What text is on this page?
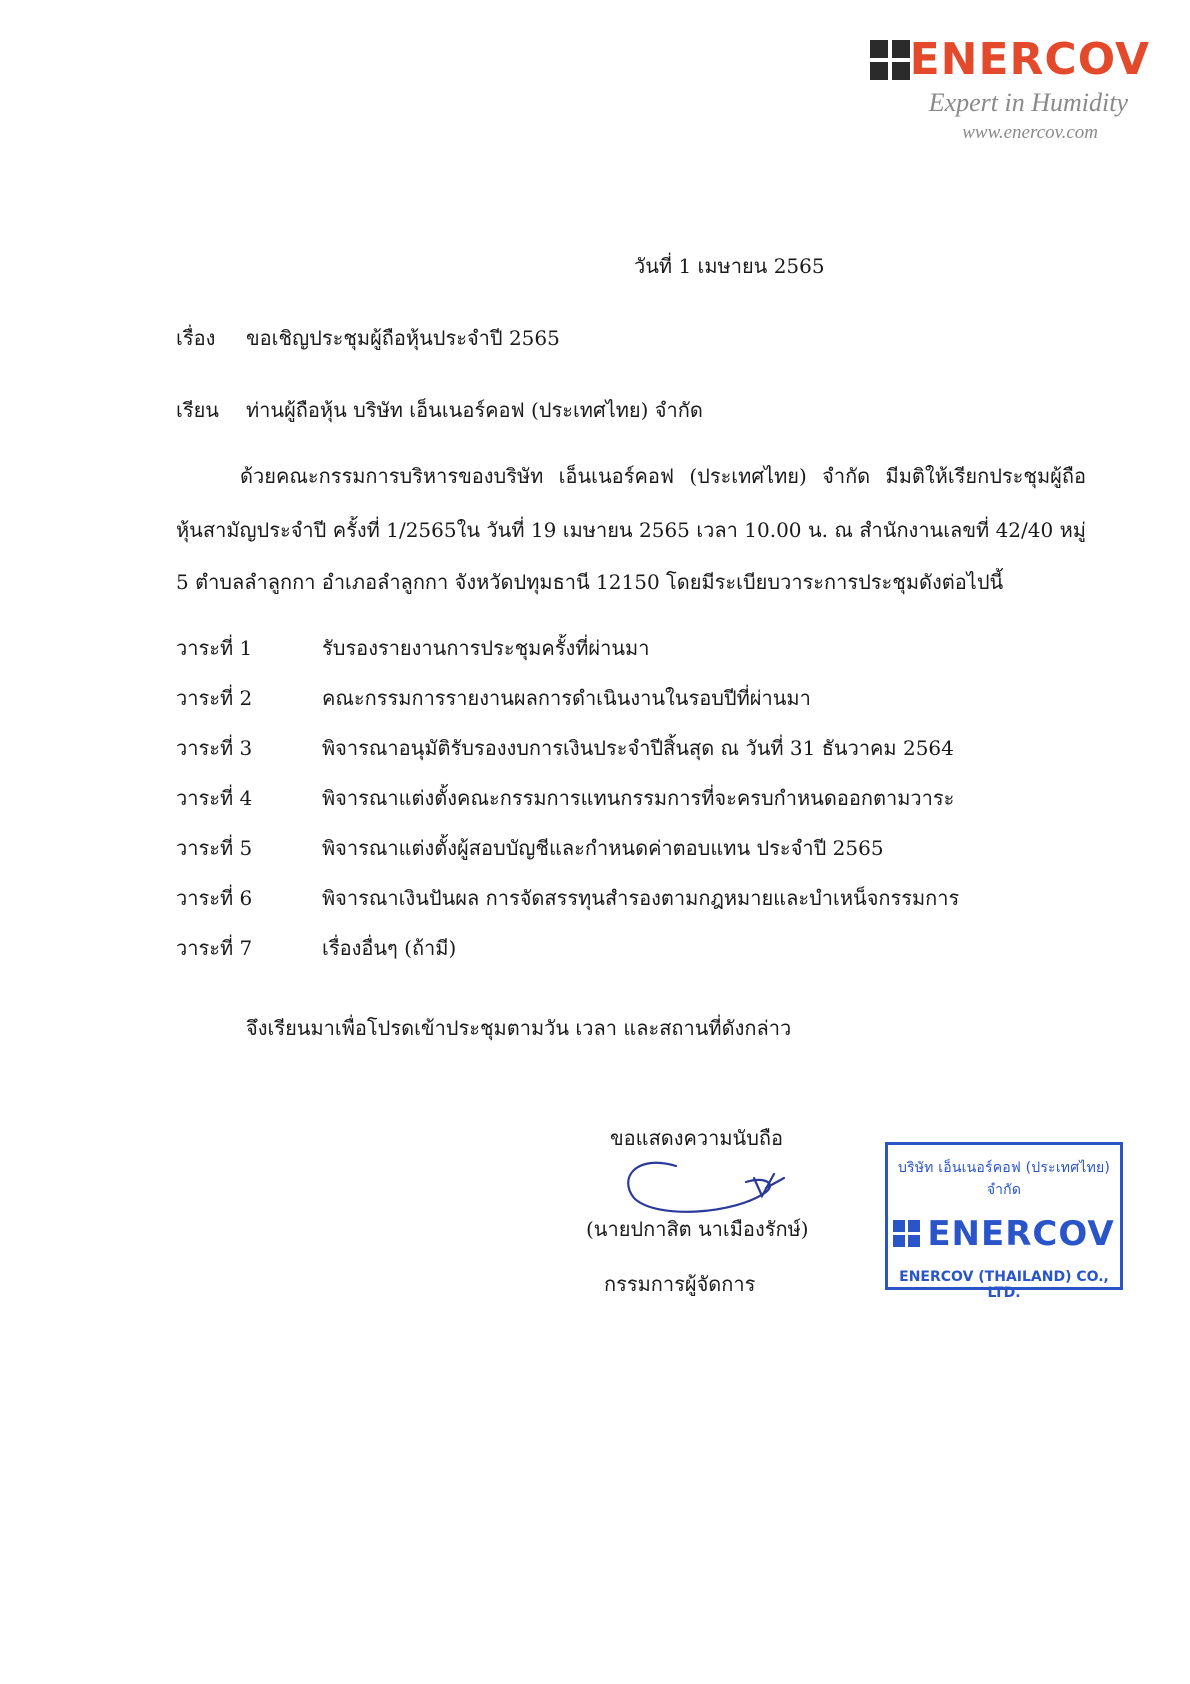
ENERCOV
Expert in Humidity
www.enercov.com
วันที่ 1 เมษายน 2565
เรื่อง ขอเชิญประชุมผู้ถือหุ้นประจำปี 2565
เรียน ท่านผู้ถือหุ้น บริษัท เอ็นเนอร์คอฟ (ประเทศไทย) จำกัด
ด้วยคณะกรรมการบริหารของบริษัท เอ็นเนอร์คอฟ (ประเทศไทย) จำกัด มีมติให้เรียกประชุมผู้ถือ
หุ้นสามัญประจำปี ครั้งที่ 1/2565ใน วันที่ 19 เมษายน 2565 เวลา 10.00 น. ณ สำนักงานเลขที่ 42/40 หมู่
5 ตำบลลำลูกกา อำเภอลำลูกกา จังหวัดปทุมธานี 12150 โดยมีระเบียบวาระการประชุมดังต่อไปนี้
วาระที่ 1	รับรองรายงานการประชุมครั้งที่ผ่านมา
วาระที่ 2	คณะกรรมการรายงานผลการดำเนินงานในรอบปีที่ผ่านมา
วาระที่ 3	พิจารณาอนุมัติรับรองงบการเงินประจำปีสิ้นสุด ณ วันที่ 31 ธันวาคม 2564
วาระที่ 4	พิจารณาแต่งตั้งคณะกรรมการแทนกรรมการที่จะครบกำหนดออกตามวาระ
วาระที่ 5	พิจารณาแต่งตั้งผู้สอบบัญชีและกำหนดค่าตอบแทน ประจำปี 2565
วาระที่ 6	พิจารณาเงินปันผล การจัดสรรทุนสำรองตามกฎหมายและบำเหน็จกรรมการ
วาระที่ 7	เรื่องอื่นๆ (ถ้ามี)
จึงเรียนมาเพื่อโปรดเข้าประชุมตามวัน เวลา และสถานที่ดังกล่าว
ขอแสดงความนับถือ
(นายปกาสิต นาเมืองรักษ์)
กรรมการผู้จัดการ
บริษัท เอ็นเนอร์คอฟ (ประเทศไทย) จำกัด
ENERCOV
ENERCOV (THAILAND) CO., LTD.
